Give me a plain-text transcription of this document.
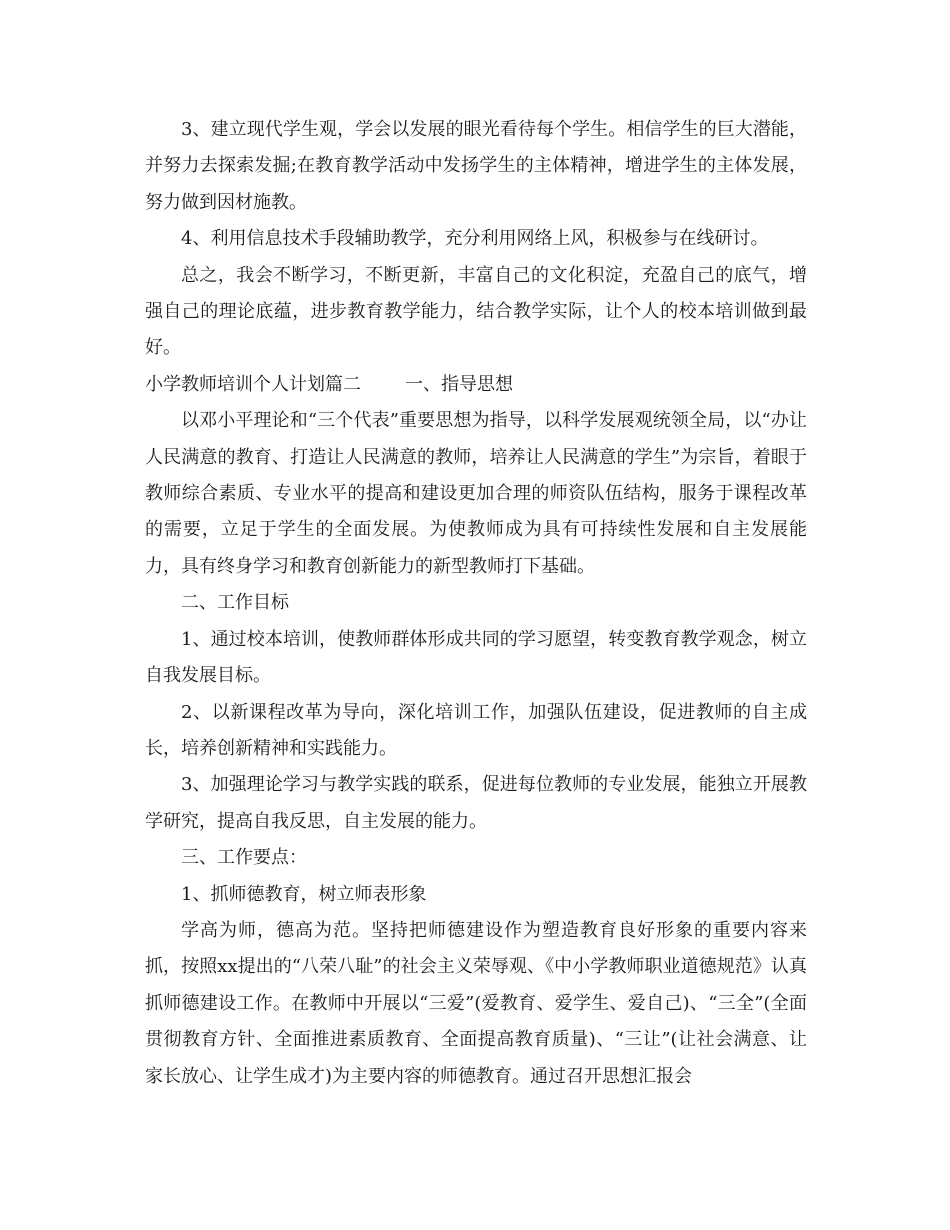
3、建立现代学生观，学会以发展的眼光看待每个学生。相信学生的巨大潜能，并努力去探索发掘;在教育教学活动中发扬学生的主体精神，增进学生的主体发展，努力做到因材施教。

4、利用信息技术手段辅助教学，充分利用网络上风，积极参与在线研讨。

总之，我会不断学习，不断更新，丰富自己的文化积淀，充盈自己的底气，增强自己的理论底蕴，进步教育教学能力，结合教学实际，让个人的校本培训做到最好。

小学教师培训个人计划篇二 一、指导思想

以邓小平理论和“三个代表”重要思想为指导，以科学发展观统领全局，以“办让人民满意的教育、打造让人民满意的教师，培养让人民满意的学生”为宗旨，着眼于教师综合素质、专业水平的提高和建设更加合理的师资队伍结构，服务于课程改革的需要，立足于学生的全面发展。为使教师成为具有可持续性发展和自主发展能力，具有终身学习和教育创新能力的新型教师打下基础。

二、工作目标

1、通过校本培训，使教师群体形成共同的学习愿望，转变教育教学观念，树立自我发展目标。

2、以新课程改革为导向，深化培训工作，加强队伍建设，促进教师的自主成长，培养创新精神和实践能力。

3、加强理论学习与教学实践的联系，促进每位教师的专业发展，能独立开展教学研究，提高自我反思，自主发展的能力。

三、工作要点：

1、抓师德教育，树立师表形象

学高为师，德高为范。坚持把师德建设作为塑造教育良好形象的重要内容来抓，按照xx提出的“八荣八耻”的社会主义荣辱观、《中小学教师职业道德规范》认真抓师德建设工作。在教师中开展以“三爱”(爱教育、爱学生、爱自己)、“三全”(全面贯彻教育方针、全面推进素质教育、全面提高教育质量)、“三让”(让社会满意、让家长放心、让学生成才)为主要内容的师德教育。通过召开思想汇报会
